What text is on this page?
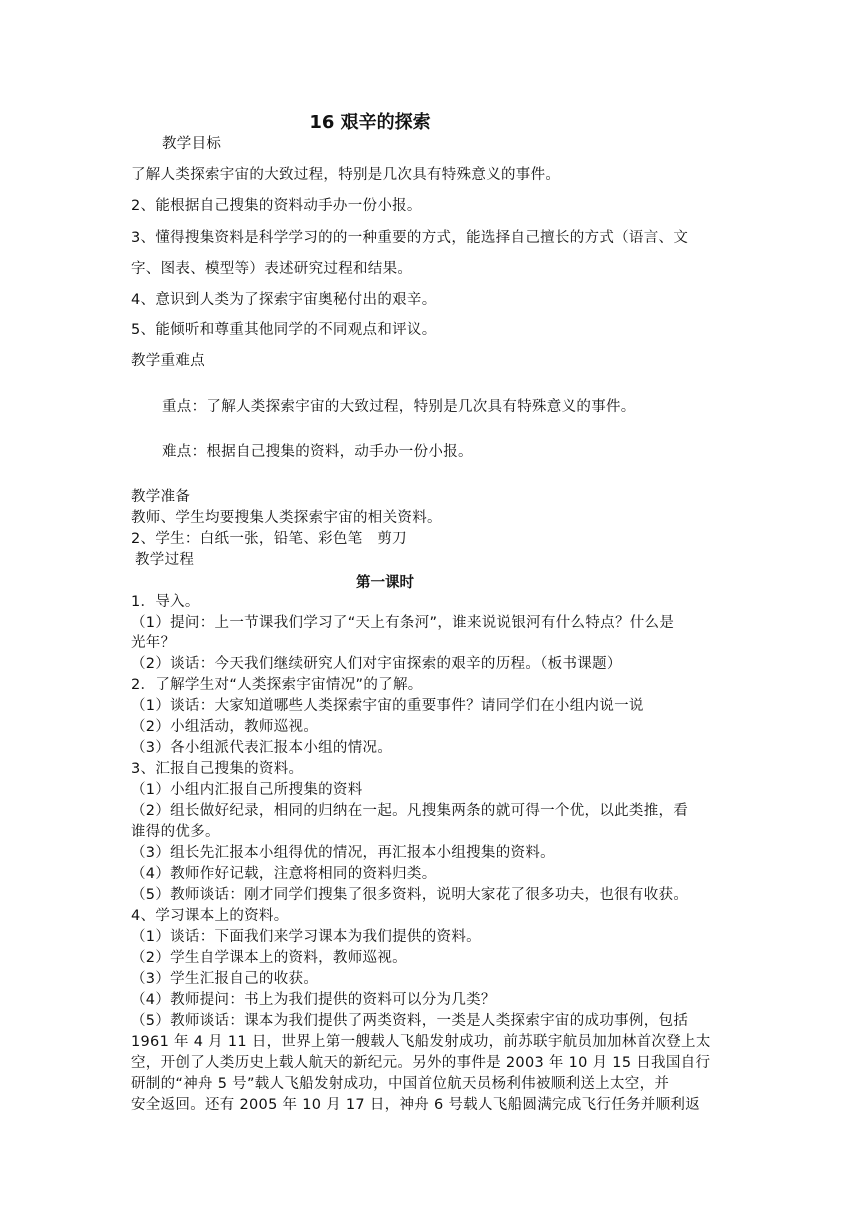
16 艰辛的探索
教学目标
了解人类探索宇宙的大致过程，特别是几次具有特殊意义的事件。
2、能根据自己搜集的资料动手办一份小报。
3、懂得搜集资料是科学学习的的一种重要的方式，能选择自己擅长的方式（语言、文
字、图表、模型等）表述研究过程和结果。
4、意识到人类为了探索宇宙奥秘付出的艰辛。
5、能倾听和尊重其他同学的不同观点和评议。
教学重难点
重点：了解人类探索宇宙的大致过程，特别是几次具有特殊意义的事件。
难点：根据自己搜集的资料，动手办一份小报。
教学准备
教师、学生均要搜集人类探索宇宙的相关资料。
2、学生：白纸一张，铅笔、彩色笔　剪刀
教学过程
第一课时
1．导入。
（1）提问：上一节课我们学习了“天上有条河”，谁来说说银河有什么特点？什么是
光年？
（2）谈话：今天我们继续研究人们对宇宙探索的艰辛的历程。（板书课题）
2．了解学生对“人类探索宇宙情况”的了解。
（1）谈话：大家知道哪些人类探索宇宙的重要事件？请同学们在小组内说一说
（2）小组活动，教师巡视。
（3）各小组派代表汇报本小组的情况。
3、汇报自己搜集的资料。
（1）小组内汇报自己所搜集的资料
（2）组长做好纪录，相同的归纳在一起。凡搜集两条的就可得一个优，以此类推，看
谁得的优多。
（3）组长先汇报本小组得优的情况，再汇报本小组搜集的资料。
（4）教师作好记载，注意将相同的资料归类。
（5）教师谈话：刚才同学们搜集了很多资料，说明大家花了很多功夫，也很有收获。
4、学习课本上的资料。
（1）谈话：下面我们来学习课本为我们提供的资料。
（2）学生自学课本上的资料，教师巡视。
（3）学生汇报自己的收获。
（4）教师提问：书上为我们提供的资料可以分为几类？
（5）教师谈话：课本为我们提供了两类资料，一类是人类探索宇宙的成功事例，包括
1961 年 4 月 11 日，世界上第一艘载人飞船发射成功，前苏联宇航员加加林首次登上太
空，开创了人类历史上载人航天的新纪元。另外的事件是 2003 年 10 月 15 日我国自行
研制的“神舟 5 号”载人飞船发射成功，中国首位航天员杨利伟被顺利送上太空，并
安全返回。还有 2005 年 10 月 17 日，神舟 6 号载人飞船圆满完成飞行任务并顺利返
